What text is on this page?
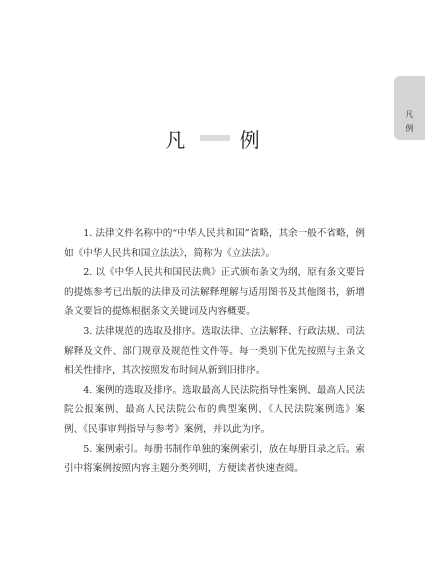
凡
例
凡 例

1. 法律文件名称中的“中华人民共和国”省略，其余一般不省略，例如《中华人民共和国立法法》，简称为《立法法》。

2. 以《中华人民共和国民法典》正式颁布条文为纲，原有条文要旨的提炼参考已出版的法律及司法解释理解与适用图书及其他图书，新增条文要旨的提炼根据条文关键词及内容概要。

3. 法律规范的选取及排序。选取法律、立法解释、行政法规、司法解释及文件、部门规章及规范性文件等。每一类别下优先按照与主条文相关性排序，其次按照发布时间从新到旧排序。

4. 案例的选取及排序。选取最高人民法院指导性案例、最高人民法院公报案例、最高人民法院公布的典型案例、《人民法院案例选》案例、《民事审判指导与参考》案例，并以此为序。

5. 案例索引。每册书制作单独的案例索引，放在每册目录之后。索引中将案例按照内容主题分类列明，方便读者快速查阅。
